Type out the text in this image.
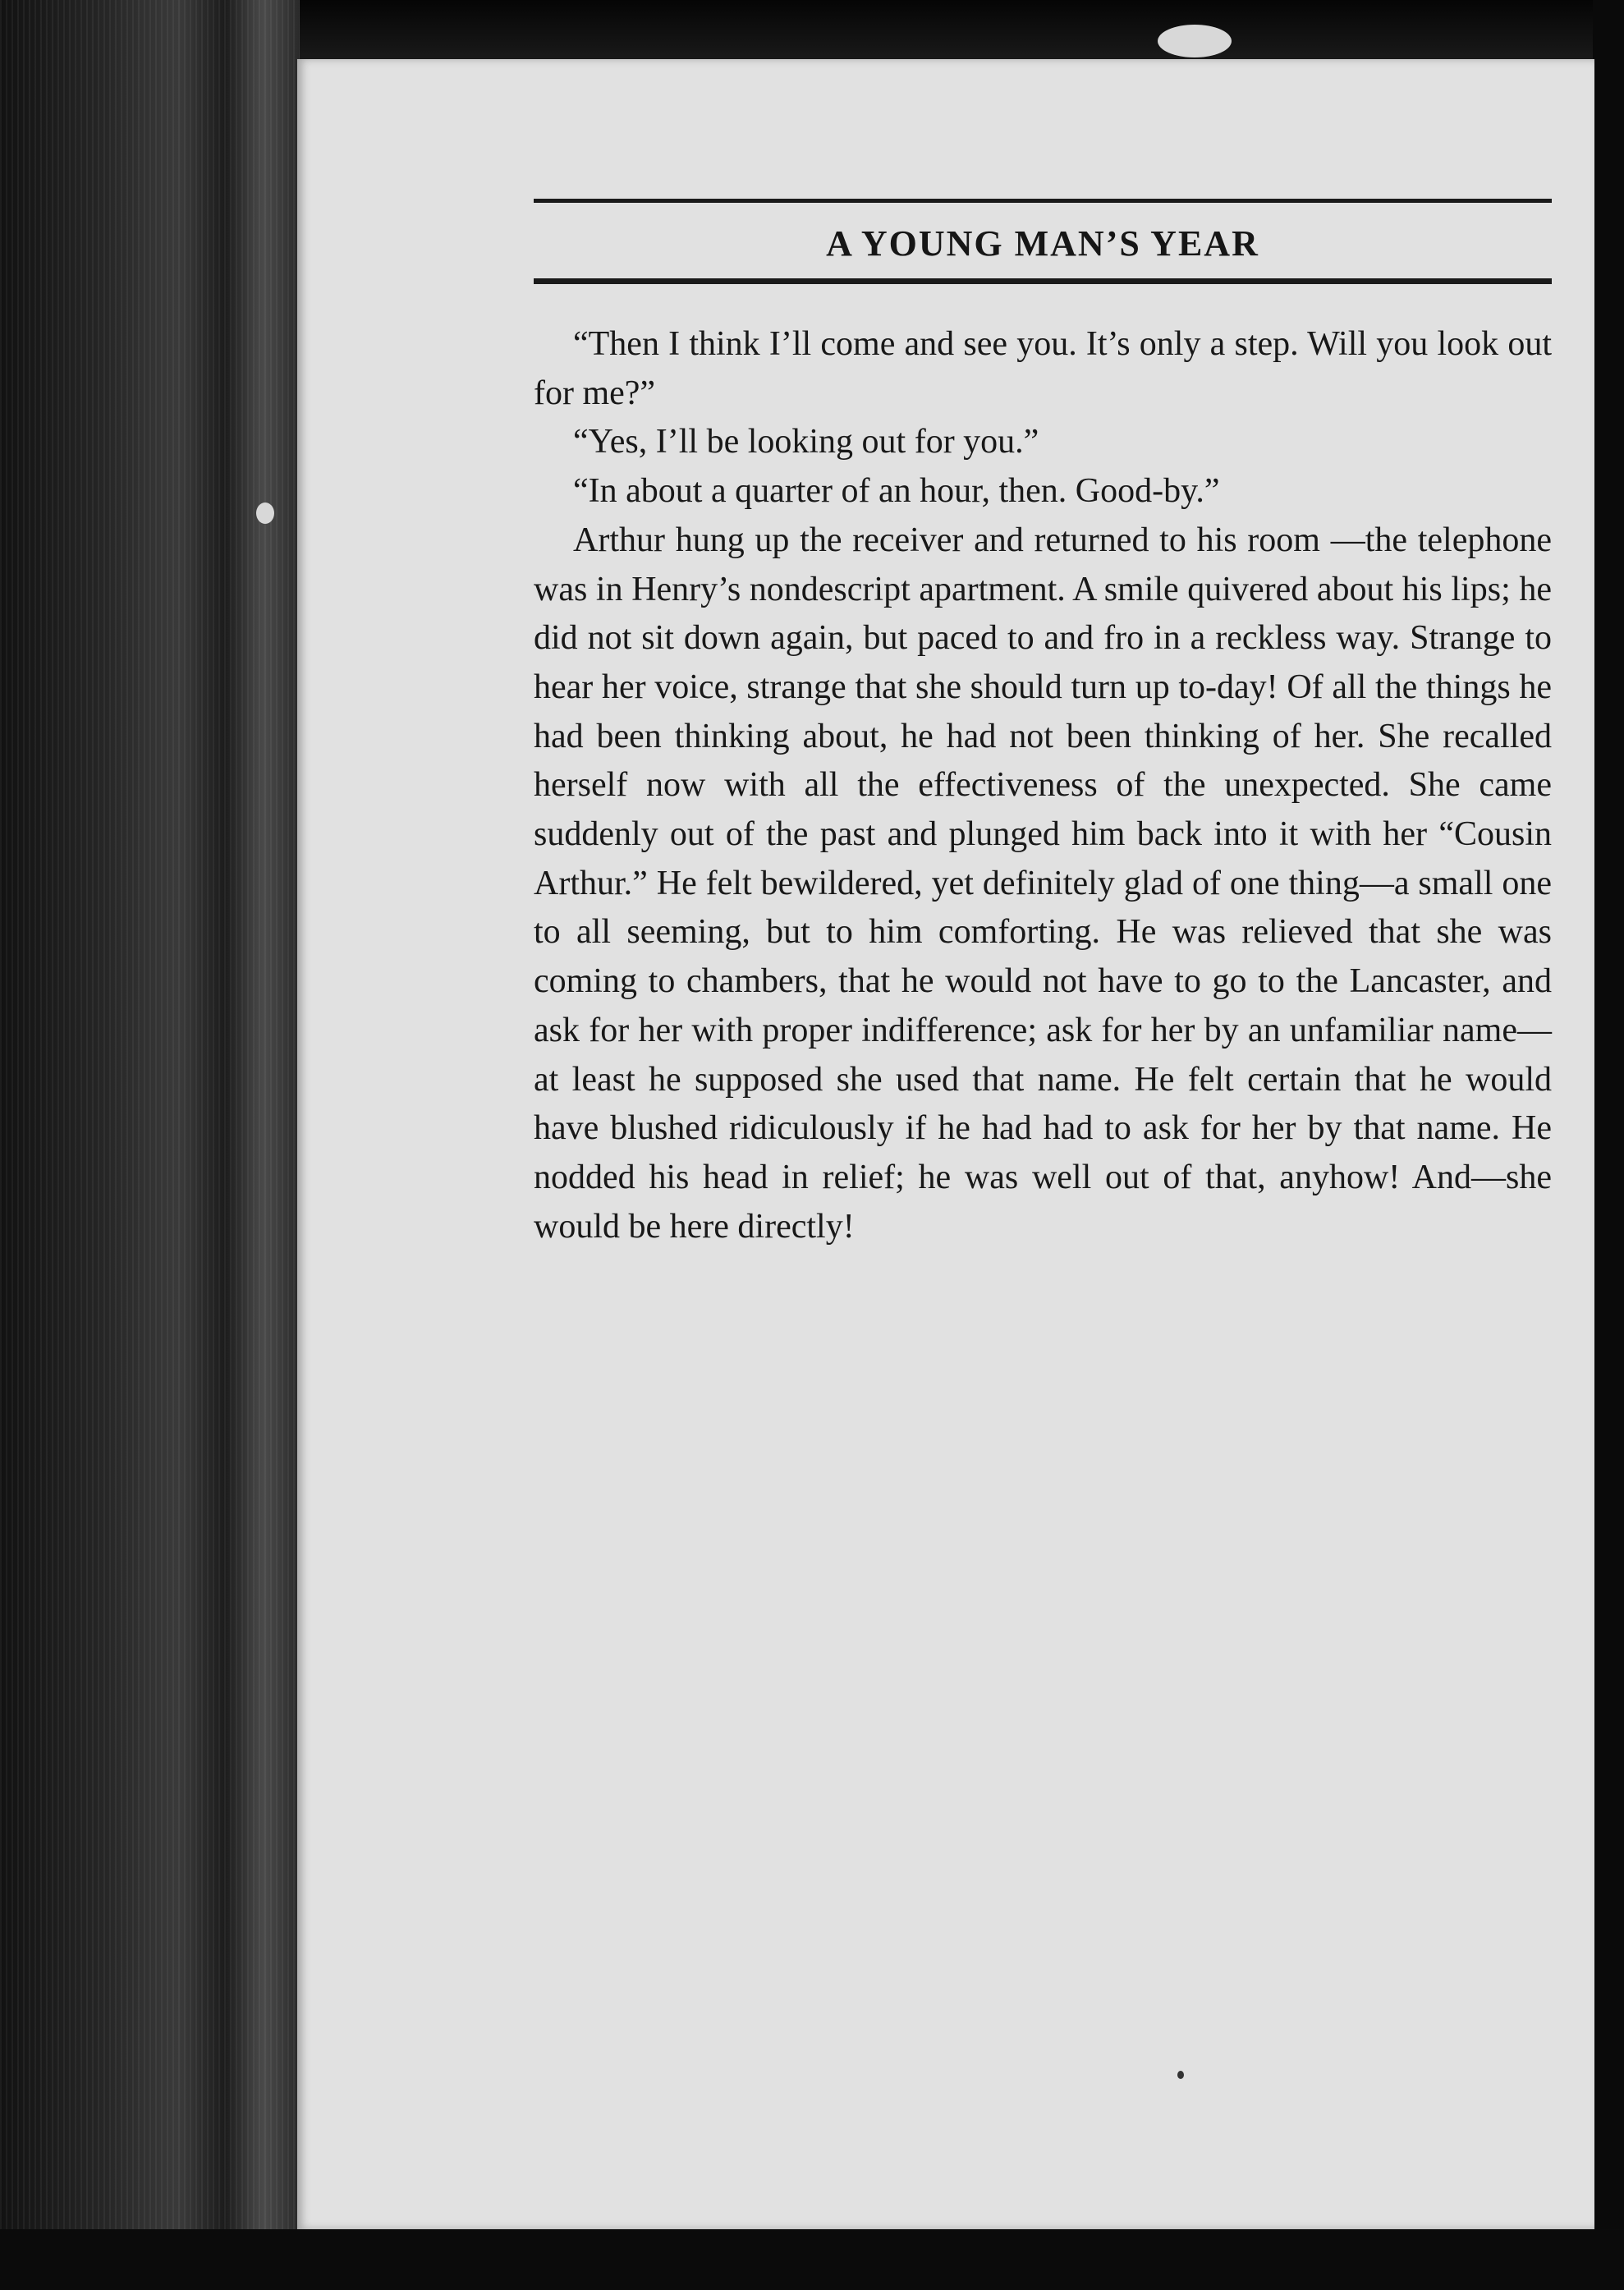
A YOUNG MAN’S YEAR

“Then I think I’ll come and see you. It’s only a step. Will you look out for me?”

“Yes, I’ll be looking out for you.”

“In about a quarter of an hour, then. Good-by.”

Arthur hung up the receiver and returned to his room —the telephone was in Henry’s nondescript apartment. A smile quivered about his lips; he did not sit down again, but paced to and fro in a reckless way. Strange to hear her voice, strange that she should turn up to-day! Of all the things he had been thinking about, he had not been thinking of her. She recalled herself now with all the effectiveness of the unexpected. She came suddenly out of the past and plunged him back into it with her “Cousin Arthur.” He felt bewildered, yet definitely glad of one thing—a small one to all seeming, but to him comforting. He was relieved that she was coming to chambers, that he would not have to go to the Lancaster, and ask for her with proper indifference; ask for her by an unfamiliar name—at least he supposed she used that name. He felt certain that he would have blushed ridiculously if he had had to ask for her by that name. He nodded his head in relief; he was well out of that, anyhow! And—she would be here directly!
